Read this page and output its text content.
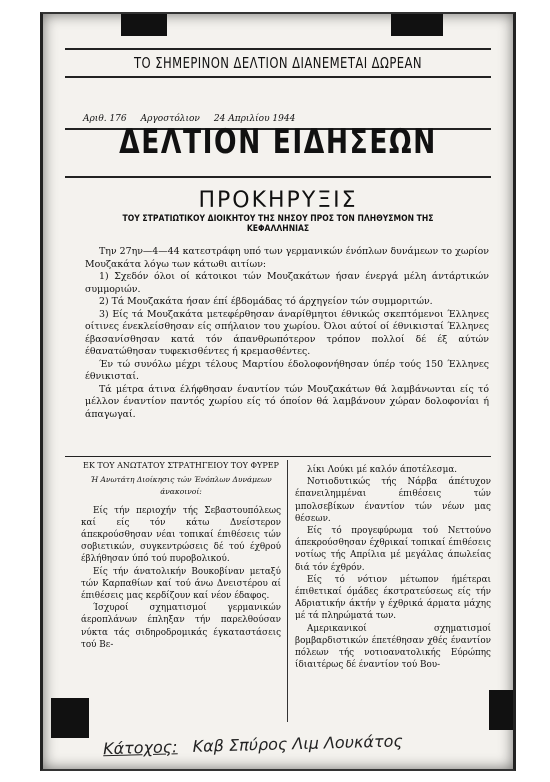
ΤΟ ΣΗΜΕΡΙΝΟΝ ΔΕΛΤΙΟΝ ΔΙΑΝΕΜΕΤΑΙ ΔΩΡΕΑΝ
Αριθ. 176 Αργοστόλιον 24 Απριλίου 1944
ΔΕΛΤΙΟΝ ΕΙΔΗΣΕΩΝ
ΠΡΟΚΗΡΥΞΙΣ
ΤΟΥ ΣΤΡΑΤΙΩΤΙΚΟΥ ΔΙΟΙΚΗΤΟΥ ΤΗΣ ΝΗΣΟΥ ΠΡΟΣ ΤΟΝ ΠΛΗΘΥΣΜΟΝ ΤΗΣ ΚΕΦΑΛΛΗΝΙΑΣ

Την 27ην—4—44 κατεστράφη υπό των γερμανικών ένόπλων δυνάμεων το χωρίον Μουζακάτα λόγω των κάτωθι αιτίων:

1) Σχεδόν όλοι οί κάτοικοι τών Μουζακάτων ήσαν ένεργά μέλη άντάρτικών συμμοριών.

2) Τά Μουζακάτα ήσαν έπί έβδομάδας τό άρχηγείον τών συμμοριτών.

3) Είς τά Μουζακάτα μετεφέρθησαν άναρίθμητοι έθνικώς σκεπτόμενοι Έλληνες οίτινες ένεκλείσθησαν είς σπήλαιον του χωρίου. Όλοι αύτοί οί έθνικισταί Έλληνες έβασανίσθησαν κατά τόν άπανθρωπότερον τρόπον πολλοί δέ έξ αύτών έθανατώθησαν τυφεκισθέντες ή κρεμασθέντες.

Έν τώ συνόλω μέχρι τέλους Μαρτίου έδολοφονήθησαν ύπέρ τούς 150 Έλληνες έθνικισταί.

Τά μέτρα άτινα έλήφθησαν έναντίον τών Μουζακάτων θά λαμβάνωνται είς τό μέλλον έναντίον παντός χωρίου είς τό όποίον θά λαμβάνουν χώραν δολοφονίαι ή άπαγωγαί.

ΕΚ ΤΟΥ ΑΝΩΤΑΤΟΥ ΣΤΡΑΤΗΓΕΙΟΥ ΤΟΥ ΦΥΡΕΡ
Ή Ανωτάτη Διοίκησις τών Ένόπλων Δυνάμεων άνακοινοί:

Είς τήν περιοχήν τής Σεβαστουπόλεως καί είς τόν κάτω Δνείστερον άπεκρούσθησαν νέαι τοπικαί έπιθέσεις τών σοβιετικών, συγκεντρώσεις δέ τού έχθρού έβλήθησαν ύπό τού πυροβολικού.

Είς τήν άνατολικήν Βουκοβίναν μεταξύ τών Καρπαθίων καί τού άνω Δνειστέρου αί έπιθέσεις μας κερδίζουν καί νέον έδαφος.

Ίσχυροί σχηματισμοί γερμανικών άεροπλάνων έπληξαν τήν παρελθούσαν νύκτα τάς σιδηροδρομικάς έγκαταστάσεις τού Βε-

λίκι Λούκι μέ καλόν άποτέλεσμα.

Νοτιοδυτικώς τής Νάρβα άπέτυχον έπανειλημμέναι έπιθέσεις τών μπολσεβίκων έναντίον τών νέων μας θέσεων.

Είς τό προγεφύρωμα τού Νεττούνο άπεκρούσθησαν έχθρικαί τοπικαί έπιθέσεις νοτίως τής Απρίλια μέ μεγάλας άπωλείας διά τόν έχθρόν.

Είς τό νότιον μέτωπον ήμέτεραι έπιθετικαί όμάδες έκστρατεύσεως είς τήν Αδριατικήν άκτήν γ έχθρικά άρματα μάχης μέ τά πληρώματά των.

Αμερικανικοί σχηματισμοί βομβαρδιστικών έπετέθησαν χθές έναντίον πόλεων τής νοτιοανατολικής Εύρώπης ίδιαιτέρως δέ έναντίον τού Βου-

Κάτοχος: Καβ Σπύρος Λιμ Λουκάτος
